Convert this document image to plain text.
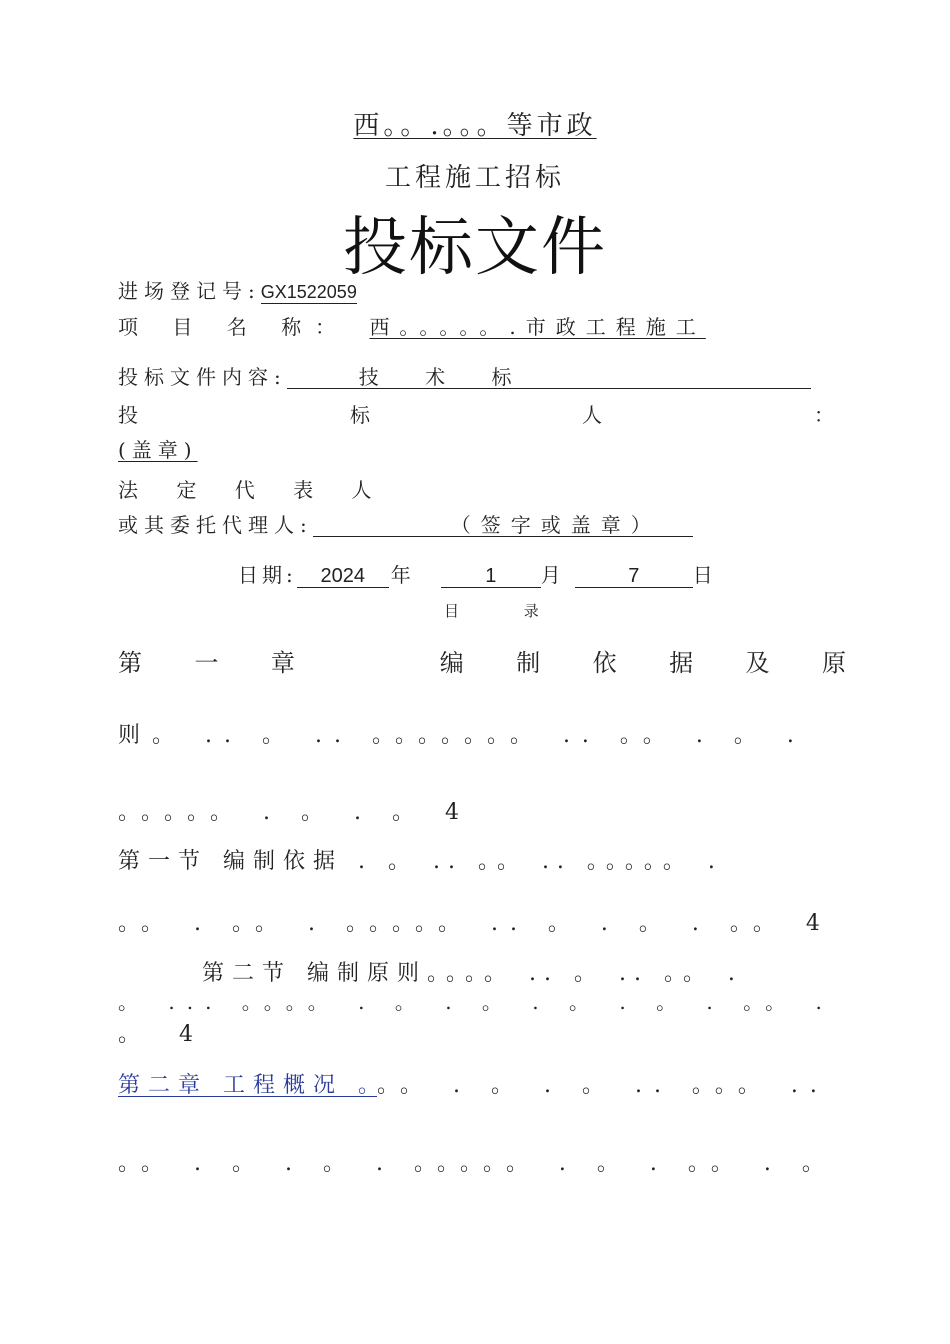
西。。.。。。等市政
工程施工招标
投标文件
进场登记号:GX1522059
项 目 名 称： 西。。。。。.市政工程施工
投标文件内容:	技 术 标
投	标	人	：
(盖章)
法 定 代 表 人
或其委托代理人:	（签字或盖章）
日期: 2024 年	1 月	7	日
目 录
第 一 章	编 制 依 据 及 原
则。 .. 。 .. 。。。。。。。 .. 。。 . 。 .
。。。。。 . 。 . 。 4
第一节 编制依据 . 。 .. 。。 .. 。。。。。 .
。。 . 。。 . 。。。。。 .. 。 . 。 . 。。 4
第二节 编制原则。。。。 .. 。 .. 。。 .
。 ... 。。。。 . 。 . 。 . 。 . 。 . 。。 .
。 4
第二章 工程概况 。。。 . 。 . 。 .. 。。。 ..
。。 . 。 . 。 . 。。。。。 . 。 . 。。 . 。
